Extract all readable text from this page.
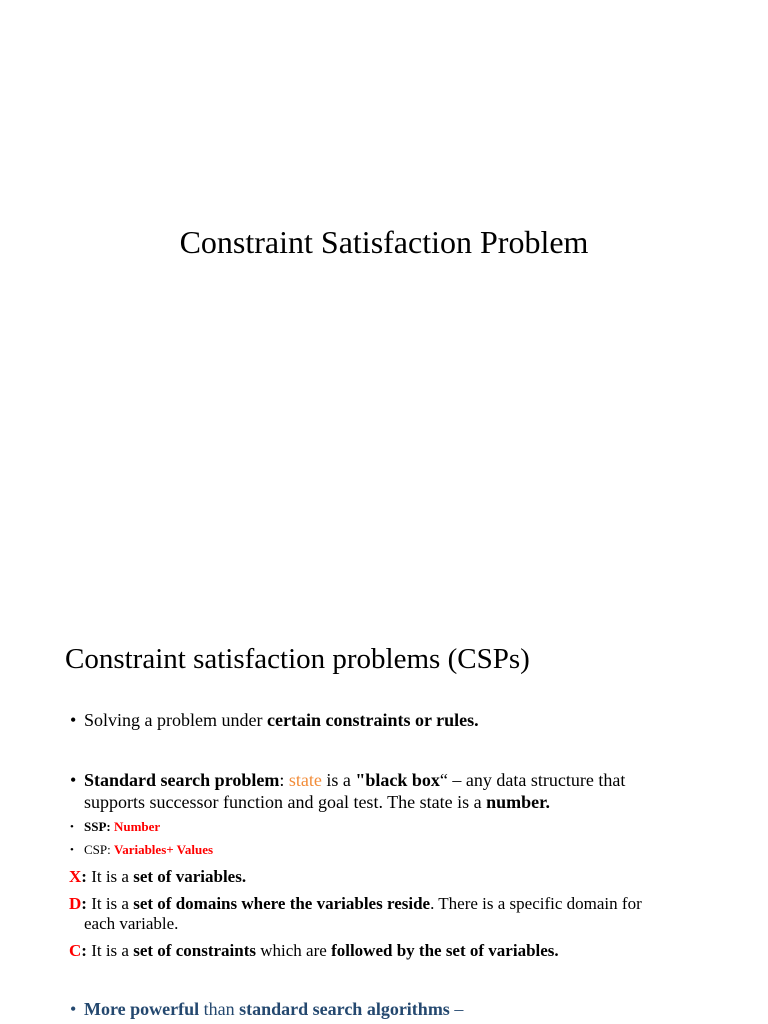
Constraint Satisfaction Problem
Constraint satisfaction problems (CSPs)
• Solving a problem under certain constraints or rules.
• Standard search problem: state is a "black box“ – any data structure that
supports successor function and goal test. The state is a number.
• SSP: Number
• CSP: Variables+ Values
X: It is a set of variables.
D: It is a set of domains where the variables reside. There is a specific domain for
each variable.
C: It is a set of constraints which are followed by the set of variables.
• More powerful than standard search algorithms –
